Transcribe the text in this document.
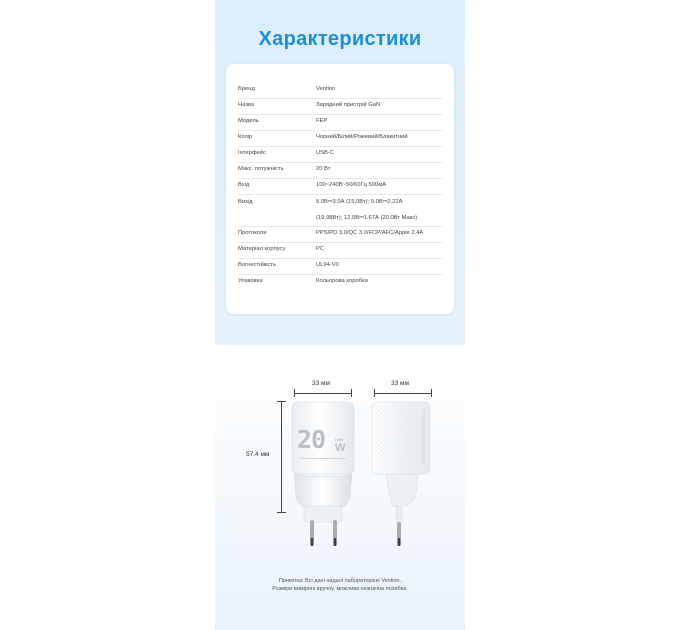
Характеристики
Бренд	Vention
Назва	Зарядний пристрій GaN
Модель	FEP
Колір	Чорний/Білий/Рожевий/Блакитний
Інтерфейс	USB-C
Макс. потужність	20 Вт
Вхід	100~240В~50/60Гц 500мА
Вихід	5.0В⎓3.0А (15.0Вт); 9.0В⎓2.22А
(19.98Вт); 12.0В⎓1.67А (20.0Вт Макс)
Протоколи	PPS/PD 3.0/QC 3.0/FCP/AFC/Apple 2.4A
Матеріал корпусу	PC
Вогнестійкість	UL94-V0
Упаковка	Кольорова коробка
33 мм	33 мм
57.4 мм
20 GaN
W
Примітка: Всі дані надані лабораторією Vention.
Розміри виміряні вручну, можлива незначна похибка.
